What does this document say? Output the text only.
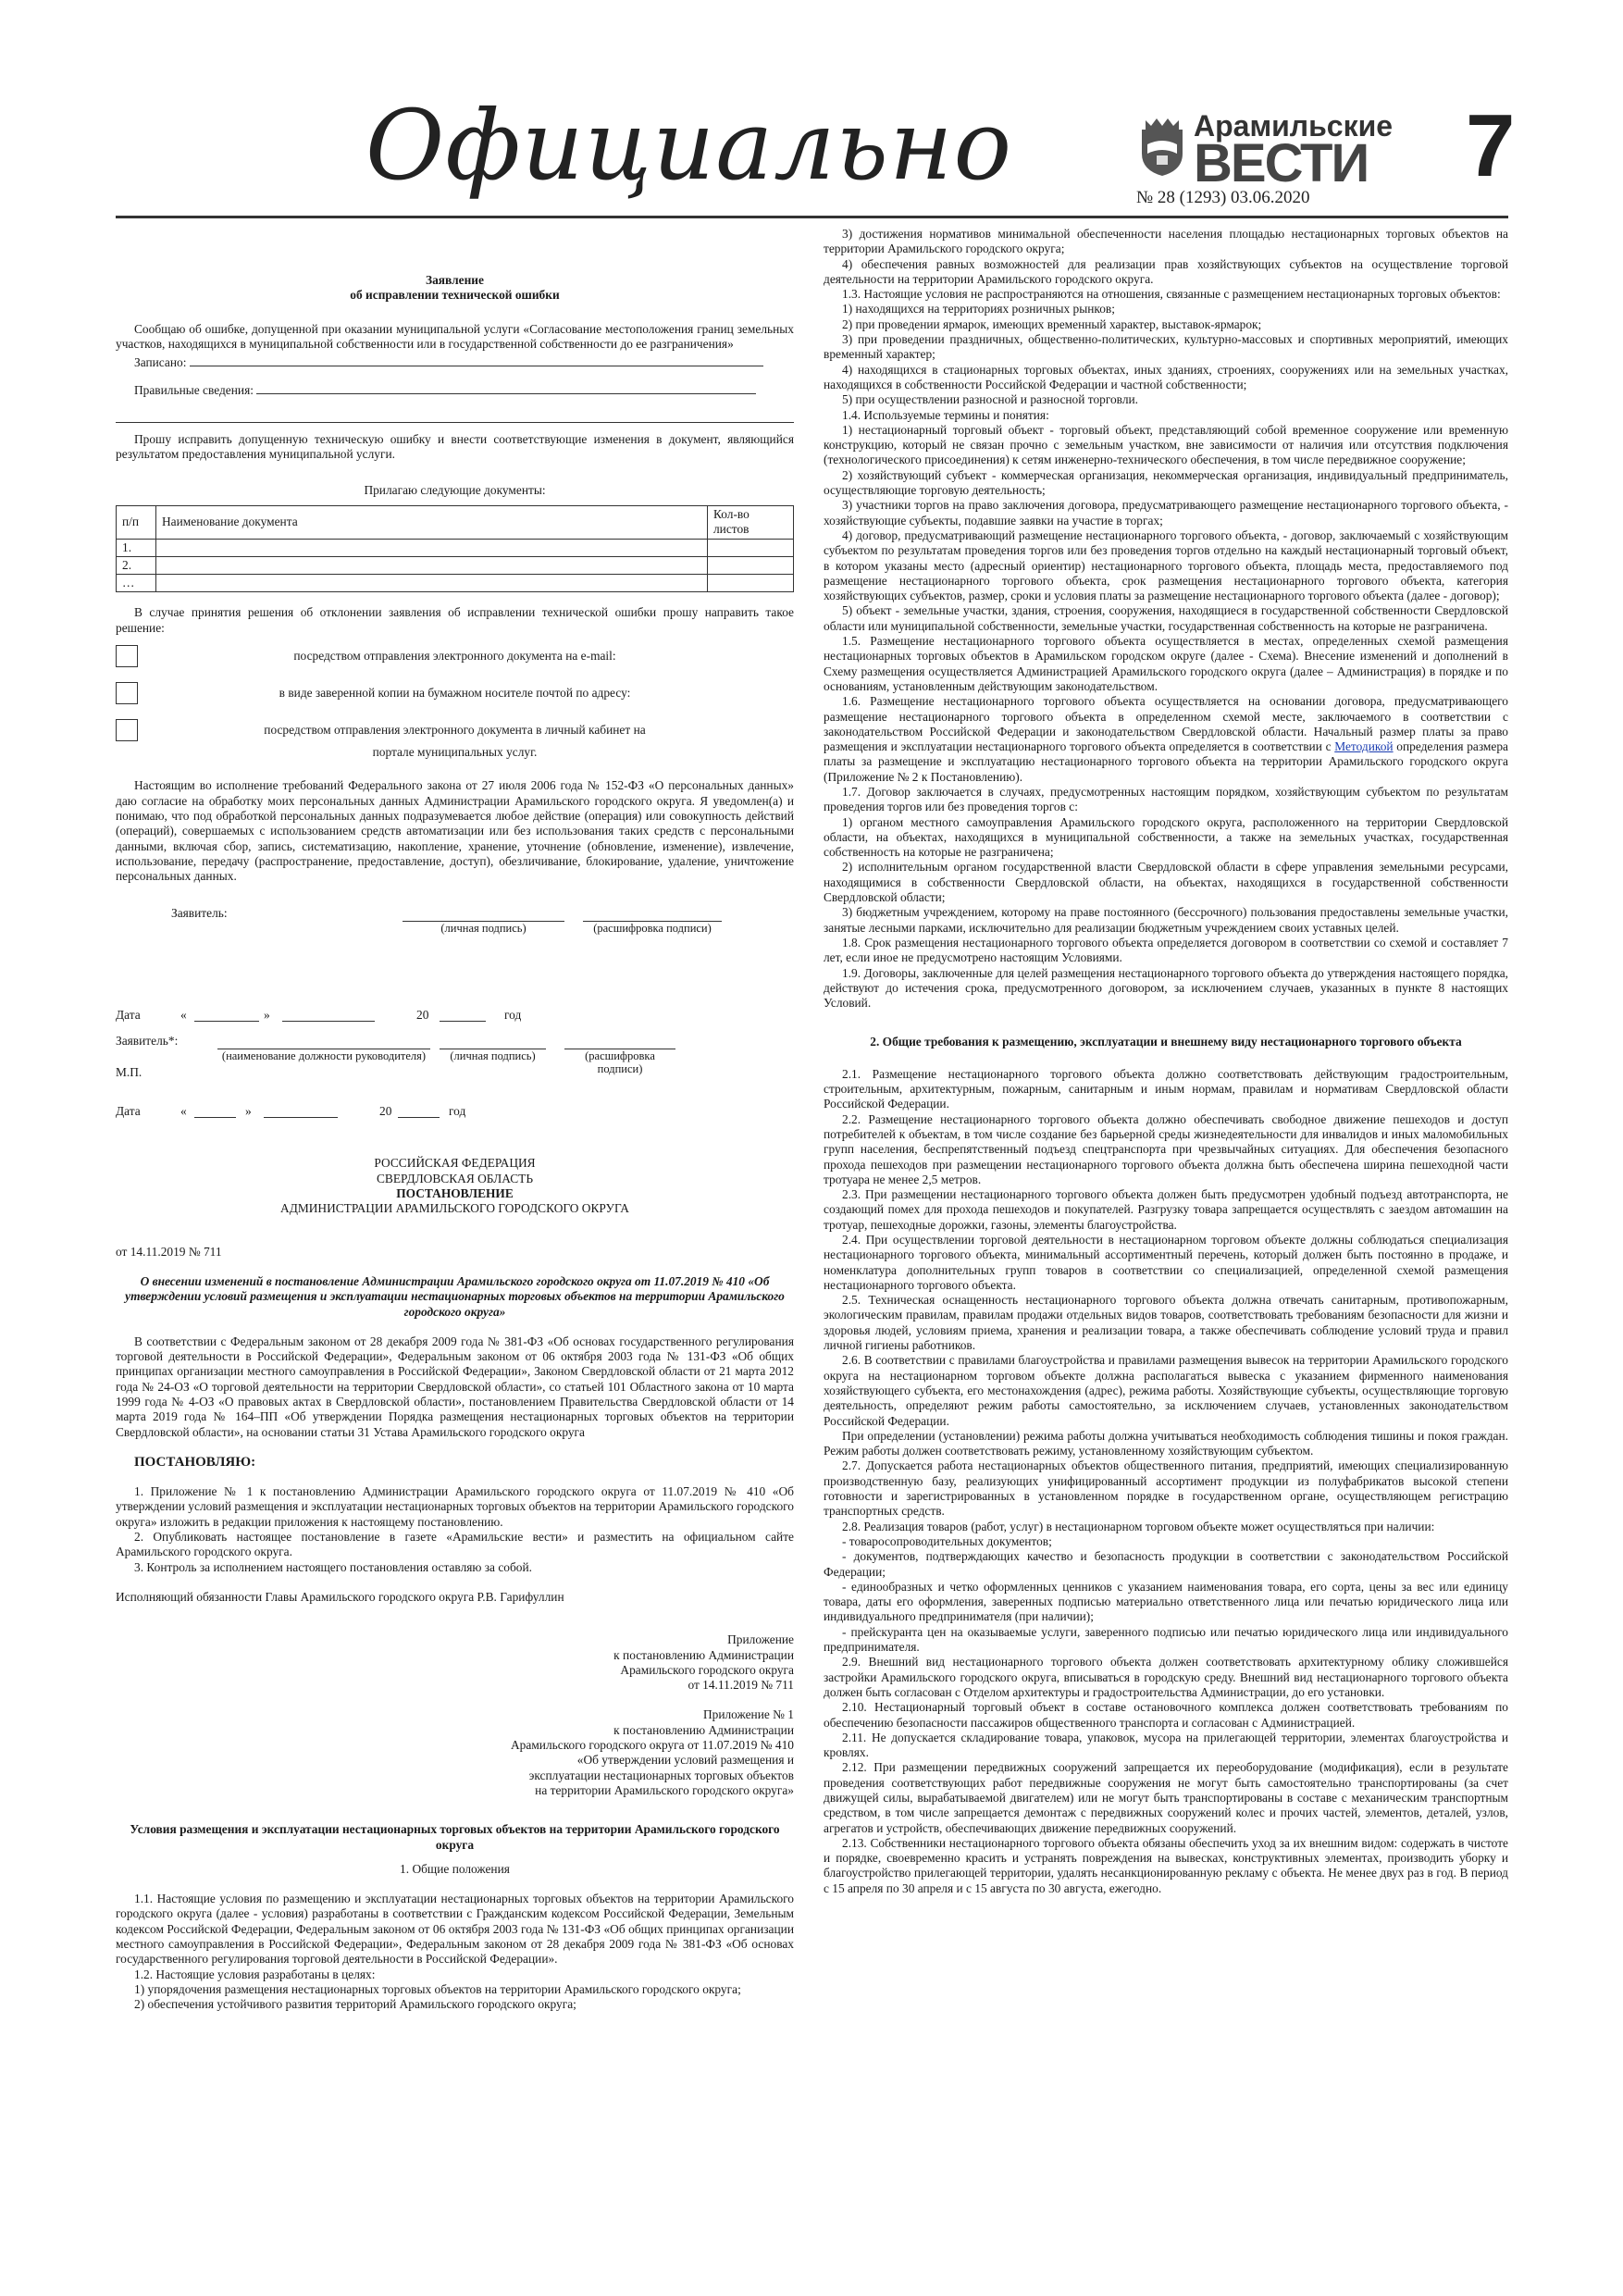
Официально	Арамильские
ВЕСТИ 7
№ 28 (1293) 03.06.2020

Заявление

об исправлении технической ошибки

Сообщаю об ошибке, допущенной при оказании муниципальной услуги «Согласование местоположения границ земельных участков, находящихся в муниципальной собственности или в государственной собственности до ее разграничения»

Записано:

Правильные сведения:

Прошу исправить допущенную техническую ошибку и внести соответствующие изменения в документ, являющийся результатом предоставления муниципальной услуги.

Прилагаю следующие документы:

п/п	Наименование документа	Кол-во листов
1.		
2.		
…		

В случае принятия решения об отклонении заявления об исправлении технической ошибки прошу направить такое решение:

посредством отправления электронного документа на e-mail:
в виде заверенной копии на бумажном носителе почтой по адресу:
посредством отправления электронного документа в личный кабинет на

портале муниципальных услуг.

Настоящим во исполнение требований Федерального закона от 27 июля 2006 года № 152-ФЗ «О персональных данных» даю согласие на обработку моих персональных данных Администрации Арамильского городского округа. Я уведомлен(а) и понимаю, что под обработкой персональных данных подразумевается любое действие (операция) или совокупность действий (операций), совершаемых с использованием средств автоматизации или без использования таких средств с персональными данными, включая сбор, запись, систематизацию, накопление, хранение, уточнение (обновление, изменение), извлечение, использование, передачу (распространение, предоставление, доступ), обезличивание, блокирование, удаление, уничтожение персональных данных.

Заявитель:
(личная подпись)	(расшифровка подписи)
Дата	«	»	20	год
Заявитель*:
(наименование должности руководителя)	(личная подпись)	(расшифровка подписи)
М.П.
Дата	«	»	20	год

РОССИЙСКАЯ ФЕДЕРАЦИЯ

СВЕРДЛОВСКАЯ ОБЛАСТЬ

ПОСТАНОВЛЕНИЕ

АДМИНИСТРАЦИИ АРАМИЛЬСКОГО ГОРОДСКОГО ОКРУГА

от 14.11.2019 № 711

О внесении изменений в постановление Администрации Арамильского городского округа от 11.07.2019 № 410 «Об утверждении условий размещения и эксплуатации нестационарных торговых объектов на территории Арамильского городского округа»

В соответствии с Федеральным законом от 28 декабря 2009 года № 381-ФЗ «Об основах государственного регулирования торговой деятельности в Российской Федерации», Федеральным законом от 06 октября 2003 года № 131-ФЗ «Об общих принципах организации местного самоуправления в Российской Федерации», Законом Свердловской области от 21 марта 2012 года № 24-ОЗ «О торговой деятельности на территории Свердловской области», со статьей 101 Областного закона от 10 марта 1999 года № 4-ОЗ «О правовых актах в Свердловской области», постановлением Правительства Свердловской области от 14 марта 2019 года № 164–ПП «Об утверждении Порядка размещения нестационарных торговых объектов на территории Свердловской области», на основании статьи 31 Устава Арамильского городского округа

ПОСТАНОВЛЯЮ:

1. Приложение № 1 к постановлению Администрации Арамильского городского округа от 11.07.2019 № 410 «Об утверждении условий размещения и эксплуатации нестационарных торговых объектов на территории Арамильского городского округа» изложить в редакции приложения к настоящему постановлению.

2. Опубликовать настоящее постановление в газете «Арамильские вести» и разместить на официальном сайте Арамильского городского округа.

3. Контроль за исполнением настоящего постановления оставляю за собой.

Исполняющий обязанности Главы Арамильского городского округа Р.В. Гарифуллин

Приложение

к постановлению Администрации

Арамильского городского округа

от 14.11.2019 № 711

Приложение № 1

к постановлению Администрации

Арамильского городского округа от 11.07.2019 № 410

«Об утверждении условий размещения и

эксплуатации нестационарных торговых объектов

на территории Арамильского городского округа»

Условия размещения и эксплуатации нестационарных торговых объектов на территории Арамильского городского округа

1. Общие положения

1.1. Настоящие условия по размещению и эксплуатации нестационарных торговых объектов на территории Арамильского городского округа (далее - условия) разработаны в соответствии с Гражданским кодексом Российской Федерации, Земельным кодексом Российской Федерации, Федеральным законом от 06 октября 2003 года № 131-ФЗ «Об общих принципах организации местного самоуправления в Российской Федерации», Федеральным законом от 28 декабря 2009 года № 381-ФЗ «Об основах государственного регулирования торговой деятельности в Российской Федерации».

1.2. Настоящие условия разработаны в целях:

1) упорядочения размещения нестационарных торговых объектов на территории Арамильского городского округа;

2) обеспечения устойчивого развития территорий Арамильского городского округа;

3) достижения нормативов минимальной обеспеченности населения площадью нестационарных торговых объектов на территории Арамильского городского округа;

4) обеспечения равных возможностей для реализации прав хозяйствующих субъектов на осуществление торговой деятельности на территории Арамильского городского округа.

1.3. Настоящие условия не распространяются на отношения, связанные с размещением нестационарных торговых объектов:

1) находящихся на территориях розничных рынков;

2) при проведении ярмарок, имеющих временный характер, выставок-ярмарок;

3) при проведении праздничных, общественно-политических, культурно-массовых и спортивных мероприятий, имеющих временный характер;

4) находящихся в стационарных торговых объектах, иных зданиях, строениях, сооружениях или на земельных участках, находящихся в собственности Российской Федерации и частной собственности;

5) при осуществлении разносной и разносной торговли.

1.4. Используемые термины и понятия:

1) нестационарный торговый объект - торговый объект, представляющий собой временное сооружение или временную конструкцию, который не связан прочно с земельным участком, вне зависимости от наличия или отсутствия подключения (технологического присоединения) к сетям инженерно-технического обеспечения, в том числе передвижное сооружение;

2) хозяйствующий субъект - коммерческая организация, некоммерческая организация, индивидуальный предприниматель, осуществляющие торговую деятельность;

3) участники торгов на право заключения договора, предусматривающего размещение нестационарного торгового объекта, - хозяйствующие субъекты, подавшие заявки на участие в торгах;

4) договор, предусматривающий размещение нестационарного торгового объекта, - договор, заключаемый с хозяйствующим субъектом по результатам проведения торгов или без проведения торгов отдельно на каждый нестационарный торговый объект, в котором указаны место (адресный ориентир) нестационарного торгового объекта, площадь места, предоставляемого под размещение нестационарного торгового объекта, срок размещения нестационарного торгового объекта, категория хозяйствующих субъектов, размер, сроки и условия платы за размещение нестационарного торгового объекта (далее - договор);

5) объект - земельные участки, здания, строения, сооружения, находящиеся в государственной собственности Свердловской области или муниципальной собственности, земельные участки, государственная собственность на которые не разграничена.

1.5. Размещение нестационарного торгового объекта осуществляется в местах, определенных схемой размещения нестационарных торговых объектов в Арамильском городском округе (далее - Схема). Внесение изменений и дополнений в Схему размещения осуществляется Администрацией Арамильского городского округа (далее – Администрация) в порядке и по основаниям, установленным действующим законодательством.

1.6. Размещение нестационарного торгового объекта осуществляется на основании договора, предусматривающего размещение нестационарного торгового объекта в определенном схемой месте, заключаемого в соответствии с законодательством Российской Федерации и законодательством Свердловской области. Начальный размер платы за право размещения и эксплуатации нестационарного торгового объекта определяется в соответствии с Методикой определения размера платы за размещение и эксплуатацию нестационарного торгового объекта на территории Арамильского городского округа (Приложение № 2 к Постановлению).

1.7. Договор заключается в случаях, предусмотренных настоящим порядком, хозяйствующим субъектом по результатам проведения торгов или без проведения торгов с:

1) органом местного самоуправления Арамильского городского округа, расположенного на территории Свердловской области, на объектах, находящихся в муниципальной собственности, а также на земельных участках, государственная собственность на которые не разграничена;

2) исполнительным органом государственной власти Свердловской области в сфере управления земельными ресурсами, находящимися в собственности Свердловской области, на объектах, находящихся в государственной собственности Свердловской области;

3) бюджетным учреждением, которому на праве постоянного (бессрочного) пользования предоставлены земельные участки, занятые лесными парками, исключительно для реализации бюджетным учреждением своих уставных целей.

1.8. Срок размещения нестационарного торгового объекта определяется договором в соответствии со схемой и составляет 7 лет, если иное не предусмотрено настоящим Условиями.

1.9. Договоры, заключенные для целей размещения нестационарного торгового объекта до утверждения настоящего порядка, действуют до истечения срока, предусмотренного договором, за исключением случаев, указанных в пункте 8 настоящих Условий.

2. Общие требования к размещению, эксплуатации и внешнему виду нестационарного торгового объекта

2.1. Размещение нестационарного торгового объекта должно соответствовать действующим градостроительным, строительным, архитектурным, пожарным, санитарным и иным нормам, правилам и нормативам Свердловской области Российской Федерации.

2.2. Размещение нестационарного торгового объекта должно обеспечивать свободное движение пешеходов и доступ потребителей к объектам, в том числе создание без барьерной среды жизнедеятельности для инвалидов и иных маломобильных групп населения, беспрепятственный подъезд спецтранспорта при чрезвычайных ситуациях. Для обеспечения безопасного прохода пешеходов при размещении нестационарного торгового объекта должна быть обеспечена ширина пешеходной части тротуара не менее 2,5 метров.

2.3. При размещении нестационарного торгового объекта должен быть предусмотрен удобный подъезд автотранспорта, не создающий помех для прохода пешеходов и покупателей. Разгрузку товара запрещается осуществлять с заездом автомашин на тротуар, пешеходные дорожки, газоны, элементы благоустройства.

2.4. При осуществлении торговой деятельности в нестационарном торговом объекте должны соблюдаться специализация нестационарного торгового объекта, минимальный ассортиментный перечень, который должен быть постоянно в продаже, и номенклатура дополнительных групп товаров в соответствии со специализацией, определенной схемой размещения нестационарного торгового объекта.

2.5. Техническая оснащенность нестационарного торгового объекта должна отвечать санитарным, противопожарным, экологическим правилам, правилам продажи отдельных видов товаров, соответствовать требованиям безопасности для жизни и здоровья людей, условиям приема, хранения и реализации товара, а также обеспечивать соблюдение условий труда и правил личной гигиены работников.

2.6. В соответствии с правилами благоустройства и правилами размещения вывесок на территории Арамильского городского округа на нестационарном торговом объекте должна располагаться вывеска с указанием фирменного наименования хозяйствующего субъекта, его местонахождения (адрес), режима работы. Хозяйствующие субъекты, осуществляющие торговую деятельность, определяют режим работы самостоятельно, за исключением случаев, установленных законодательством Российской Федерации.

При определении (установлении) режима работы должна учитываться необходимость соблюдения тишины и покоя граждан. Режим работы должен соответствовать режиму, установленному хозяйствующим субъектом.

2.7. Допускается работа нестационарных объектов общественного питания, предприятий, имеющих специализированную производственную базу, реализующих унифицированный ассортимент продукции из полуфабрикатов высокой степени готовности и зарегистрированных в установленном порядке в государственном органе, осуществляющем регистрацию транспортных средств.

2.8. Реализация товаров (работ, услуг) в нестационарном торговом объекте может осуществляться при наличии:

- товаросопроводительных документов;

- документов, подтверждающих качество и безопасность продукции в соответствии с законодательством Российской Федерации;

- единообразных и четко оформленных ценников с указанием наименования товара, его сорта, цены за вес или единицу товара, даты его оформления, заверенных подписью материально ответственного лица или печатью юридического лица или индивидуального предпринимателя (при наличии);

- прейскуранта цен на оказываемые услуги, заверенного подписью или печатью юридического лица или индивидуального предпринимателя.

2.9. Внешний вид нестационарного торгового объекта должен соответствовать архитектурному облику сложившейся застройки Арамильского городского округа, вписываться в городскую среду. Внешний вид нестационарного торгового объекта должен быть согласован с Отделом архитектуры и градостроительства Администрации, до его установки.

2.10. Нестационарный торговый объект в составе остановочного комплекса должен соответствовать требованиям по обеспечению безопасности пассажиров общественного транспорта и согласован с Администрацией.

2.11. Не допускается складирование товара, упаковок, мусора на прилегающей территории, элементах благоустройства и кровлях.

2.12. При размещении передвижных сооружений запрещается их переоборудование (модификация), если в результате проведения соответствующих работ передвижные сооружения не могут быть самостоятельно транспортированы (за счет движущей силы, вырабатываемой двигателем) или не могут быть транспортированы в составе с механическим транспортным средством, в том числе запрещается демонтаж с передвижных сооружений колес и прочих частей, элементов, деталей, узлов, агрегатов и устройств, обеспечивающих движение передвижных сооружений.

2.13. Собственники нестационарного торгового объекта обязаны обеспечить уход за их внешним видом: содержать в чистоте и порядке, своевременно красить и устранять повреждения на вывесках, конструктивных элементах, производить уборку и благоустройство прилегающей территории, удалять несанкционированную рекламу с объекта. Не менее двух раз в год. В период с 15 апреля по 30 апреля и с 15 августа по 30 августа, ежегодно.
